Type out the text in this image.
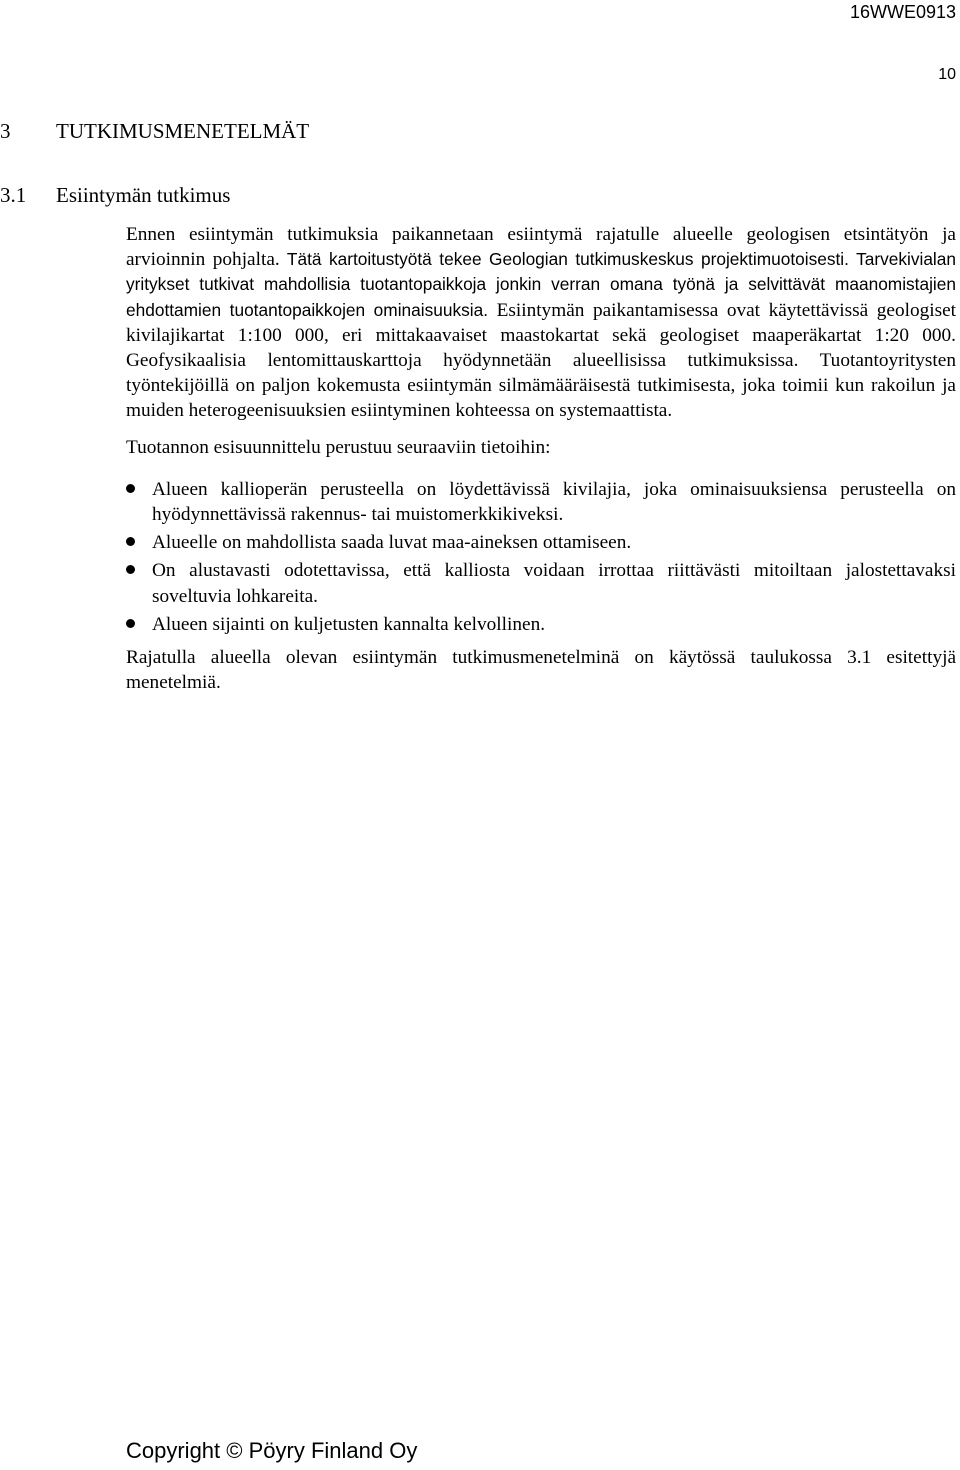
16WWE0913

10

3 TUTKIMUSMENETELMÄT
3.1 Esiintymän tutkimus

Ennen esiintymän tutkimuksia paikannetaan esiintymä rajatulle alueelle geologisen etsintätyön ja arvioinnin pohjalta. Tätä kartoitustyötä tekee Geologian tutkimuskeskus projektimuotoisesti. Tarvekivialan yritykset tutkivat mahdollisia tuotantopaikkoja jonkin verran omana työnä ja selvittävät maanomistajien ehdottamien tuotantopaikkojen ominaisuuksia. Esiintymän paikantamisessa ovat käytettävissä geologiset kivilajikartat 1:100 000, eri mittakaavaiset maastokartat sekä geologiset maaperäkartat 1:20 000. Geofysikaalisia lentomittauskarttoja hyödynnetään alueellisissa tutkimuksissa. Tuotantoyritysten työntekijöillä on paljon kokemusta esiintymän silmämääräisestä tutkimisesta, joka toimii kun rakoilun ja muiden heterogeenisuuksien esiintyminen kohteessa on systemaattista.

Tuotannon esisuunnittelu perustuu seuraaviin tietoihin:

Alueen kallioperän perusteella on löydettävissä kivilajia, joka ominaisuuksiensa perusteella on hyödynnettävissä rakennus- tai muistomerkkikiveksi.
Alueelle on mahdollista saada luvat maa-aineksen ottamiseen.
On alustavasti odotettavissa, että kalliosta voidaan irrottaa riittävästi mitoiltaan jalostettavaksi soveltuvia lohkareita.
Alueen sijainti on kuljetusten kannalta kelvollinen.

Rajatulla alueella olevan esiintymän tutkimusmenetelminä on käytössä taulukossa 3.1 esitettyjä menetelmiä.

Copyright © Pöyry Finland Oy
